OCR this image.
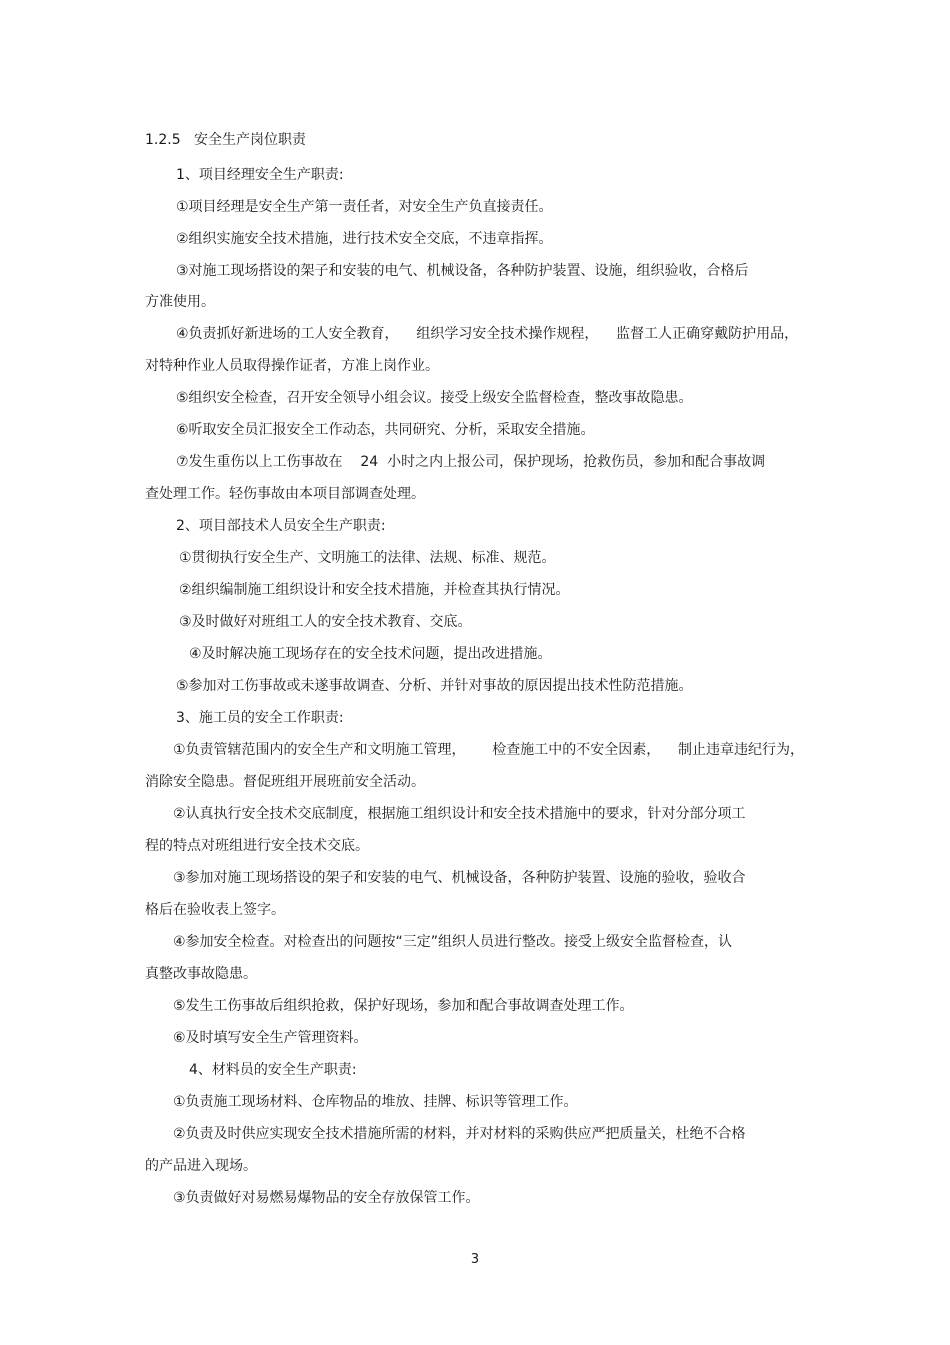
1.2.5 安全生产岗位职责
1、项目经理安全生产职责:
①项目经理是安全生产第一责任者，对安全生产负直接责任。
②组织实施安全技术措施，进行技术安全交底，不违章指挥。
③对施工现场搭设的架子和安装的电气、机械设备，各种防护装置、设施，组织验收，合格后
方准使用。
④负责抓好新进场的工人安全教育，    组织学习安全技术操作规程，    监督工人正确穿戴防护用品，
对特种作业人员取得操作证者，方准上岗作业。
⑤组织安全检查，召开安全领导小组会议。接受上级安全监督检查，整改事故隐患。
⑥听取安全员汇报安全工作动态，共同研究、分析，采取安全措施。
⑦发生重伤以上工伤事故在    24  小时之内上报公司，保护现场，抢救伤员，参加和配合事故调
查处理工作。轻伤事故由本项目部调查处理。
2、项目部技术人员安全生产职责:
①贯彻执行安全生产、文明施工的法律、法规、标准、规范。
②组织编制施工组织设计和安全技术措施，并检查其执行情况。
③及时做好对班组工人的安全技术教育、交底。
④及时解决施工现场存在的安全技术问题，提出改进措施。
⑤参加对工伤事故或未遂事故调查、分析、并针对事故的原因提出技术性防范措施。
3、施工员的安全工作职责:
①负责管辖范围内的安全生产和文明施工管理，      检查施工中的不安全因素，    制止违章违纪行为，
消除安全隐患。督促班组开展班前安全活动。
②认真执行安全技术交底制度，根据施工组织设计和安全技术措施中的要求，针对分部分项工
程的特点对班组进行安全技术交底。
③参加对施工现场搭设的架子和安装的电气、机械设备，各种防护装置、设施的验收，验收合
格后在验收表上签字。
④参加安全检查。对检查出的问题按“三定”组织人员进行整改。接受上级安全监督检查，认
真整改事故隐患。
⑤发生工伤事故后组织抢救，保护好现场，参加和配合事故调查处理工作。
⑥及时填写安全生产管理资料。
4、材料员的安全生产职责:
①负责施工现场材料、仓库物品的堆放、挂牌、标识等管理工作。
②负责及时供应实现安全技术措施所需的材料，并对材料的采购供应严把质量关，杜绝不合格
的产品进入现场。
③负责做好对易燃易爆物品的安全存放保管工作。
3
